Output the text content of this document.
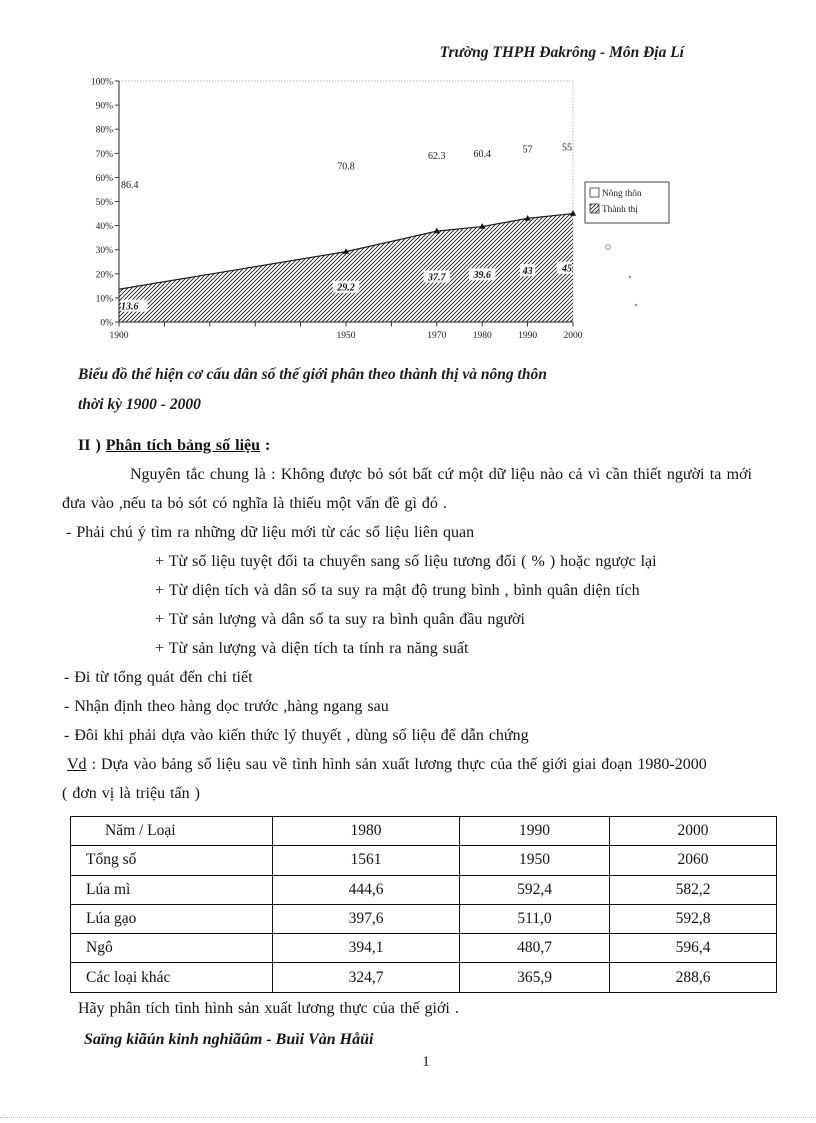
Trường THPH Đakrông - Môn Địa Lí
86.4
13.6
70.8
29.2
62.3
37.7
60.4
39.6
57
43
55
45
0%
10%
20%
30%
40%
50%
60%
70%
80%
90%
100%
1900	1950	1970	1980	1990	2000
Nông thôn
Thành thị
Biểu đồ thể hiện cơ cấu dân số thế giới phân theo thành thị và nông thôn
thời kỳ 1900 - 2000
II ) Phân tích bảng số liệu :
Nguyên tắc chung là : Không được bỏ sót bất cứ một dữ liệu nào cả vì cần thiết người ta mới đưa vào ,nếu ta bỏ sót có nghĩa là thiếu một vấn đề gì đó .
- Phải chú ý tìm ra những dữ liệu mới từ các số liệu liên quan
+ Từ số liệu tuyệt đối ta chuyển sang số liệu tương đối ( % ) hoặc ngược lại
+ Từ diện tích và dân số ta suy ra mật độ trung bình , bình quân diện tích
+ Từ sản lượng và dân số ta suy ra bình quân đầu người
+ Từ sản lượng và diện tích ta tính ra năng suất
- Đi từ tổng quát đến chi tiết
- Nhận định theo hàng dọc trước ,hàng ngang sau
- Đôi khi phải dựa vào kiến thức lý thuyết , dùng số liệu để dẫn chứng
Vd : Dựa vào bảng số liệu sau về tình hình sản xuất lương thực của thế giới giai đoạn 1980-2000
( đơn vị là triệu tấn )
Năm / Loại	1980	1990	2000
Tổng số	1561	1950	2060
Lúa mì	444,6	592,4	582,2
Lúa gạo	397,6	511,0	592,8
Ngô	394,1	480,7	596,4
Các loại khác	324,7	365,9	288,6
Hãy phân tích tình hình sản xuất lương thực của thế giới .
Saïng kiãún kinh nghiãûm - Buìi Vàn Håüi
1
